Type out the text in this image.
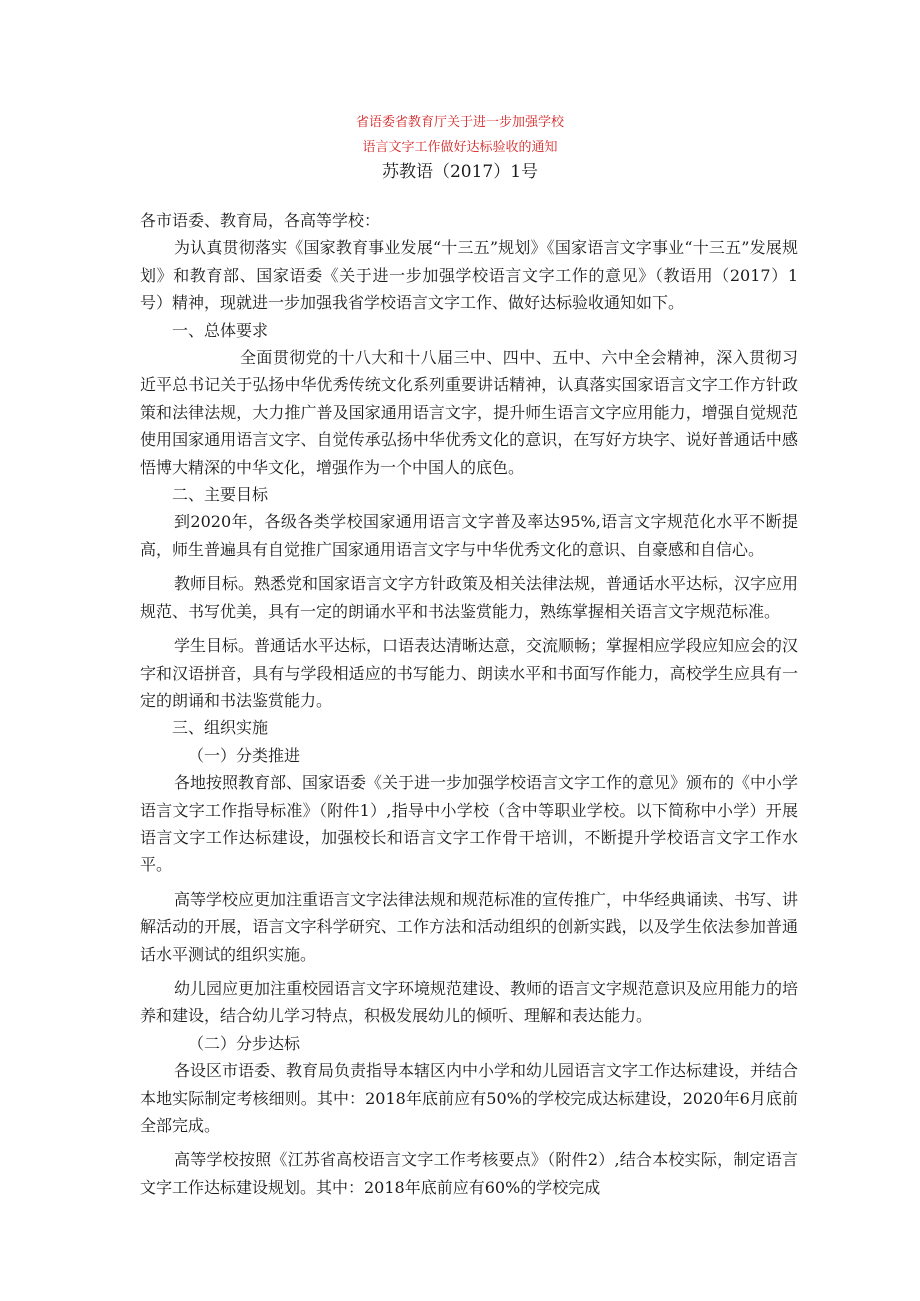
省语委省教育厅关于进一步加强学校
语言文字工作做好达标验收的通知
苏教语（2017）1号

各市语委、教育局，各高等学校：

为认真贯彻落实《国家教育事业发展“十三五”规划》《国家语言文字事业“十三五”发展规划》和教育部、国家语委《关于进一步加强学校语言文字工作的意见》（教语用（2017）1号）精神，现就进一步加强我省学校语言文字工作、做好达标验收通知如下。

一、总体要求

全面贯彻党的十八大和十八届三中、四中、五中、六中全会精神，深入贯彻习近平总书记关于弘扬中华优秀传统文化系列重要讲话精神，认真落实国家语言文字工作方针政策和法律法规，大力推广普及国家通用语言文字，提升师生语言文字应用能力，增强自觉规范使用国家通用语言文字、自觉传承弘扬中华优秀文化的意识，在写好方块字、说好普通话中感悟博大精深的中华文化，增强作为一个中国人的底色。

二、主要目标

到2020年，各级各类学校国家通用语言文字普及率达95%,语言文字规范化水平不断提高，师生普遍具有自觉推广国家通用语言文字与中华优秀文化的意识、自豪感和自信心。

教师目标。熟悉党和国家语言文字方针政策及相关法律法规，普通话水平达标，汉字应用规范、书写优美，具有一定的朗诵水平和书法鉴赏能力，熟练掌握相关语言文字规范标准。

学生目标。普通话水平达标，口语表达清晰达意，交流顺畅；掌握相应学段应知应会的汉字和汉语拼音，具有与学段相适应的书写能力、朗读水平和书面写作能力，高校学生应具有一定的朗诵和书法鉴赏能力。

三、组织实施

（一）分类推进

各地按照教育部、国家语委《关于进一步加强学校语言文字工作的意见》颁布的《中小学语言文字工作指导标准》（附件1）,指导中小学校（含中等职业学校。以下简称中小学）开展语言文字工作达标建设，加强校长和语言文字工作骨干培训，不断提升学校语言文字工作水平。

高等学校应更加注重语言文字法律法规和规范标准的宣传推广，中华经典诵读、书写、讲解活动的开展，语言文字科学研究、工作方法和活动组织的创新实践，以及学生依法参加普通话水平测试的组织实施。

幼儿园应更加注重校园语言文字环境规范建设、教师的语言文字规范意识及应用能力的培养和建设，结合幼儿学习特点，积极发展幼儿的倾听、理解和表达能力。

（二）分步达标

各设区市语委、教育局负责指导本辖区内中小学和幼儿园语言文字工作达标建设，并结合本地实际制定考核细则。其中：2018年底前应有50%的学校完成达标建设，2020年6月底前全部完成。

高等学校按照《江苏省高校语言文字工作考核要点》（附件2）,结合本校实际，制定语言文字工作达标建设规划。其中：2018年底前应有60%的学校完成
